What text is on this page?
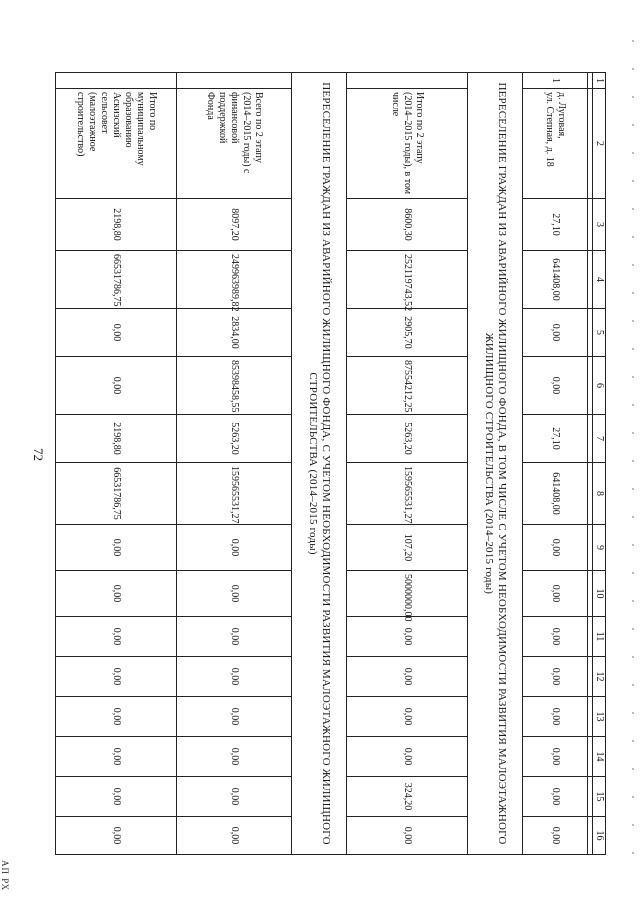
72
АП РХ
1	2	3	4	5	6	7	8	9	10	11	12	13	14	15	16

1	д. Луговая,
ул. Степная, д. 18	27,10	641408,00	0,00	0,00	27,10	641408,00	0,00	0,00	0,00	0,00	0,00	0,00	0,00	0,00
ПЕРЕСЕЛЕНИЕ ГРАЖДАН ИЗ АВАРИЙНОГО ЖИЛИЩНОГО ФОНДА, В ТОМ ЧИСЛЕ С УЧЕТОМ НЕОБХОДИМОСТИ РАЗВИТИЯ МАЛОЭТАЖНОГО ЖИЛИЩНОГО СТРОИТЕЛЬСТВА (2014–2015 годы)															
	Итого по 2 этапу
(2014–2015 годы), в том
числе	8600,30	252119743,52	2905,70	87554212,25	5263,20	159565531,27	107,20	5000000,00	0,00	0,00	0,00	0,00	324,20	0,00
ПЕРЕСЕЛЕНИЕ ГРАЖДАН ИЗ АВАРИЙНОГО ЖИЛИЩНОГО ФОНДА, С УЧЕТОМ НЕОБХОДИМОСТИ РАЗВИТИЯ МАЛОЭТАЖНОГО ЖИЛИЩНОГО СТРОИТЕЛЬСТВА (2014–2015 годы)															
	Всего по 2 этапу
(2014–2015 годы) с
финансовой поддержкой
Фонда	8097,20	249963989,82	2834,00	85398458,55	5263,20	159565531,27	0,00	0,00	0,00	0,00	0,00	0,00	0,00	0,00
	Итого по муниципальному
образованию Аскизский
сельсовет (малоэтажное
строительство)	2198,80	66531786,75	0,00	0,00	2198,80	66531786,75	0,00	0,00	0,00	0,00	0,00	0,00	0,00	0,00
